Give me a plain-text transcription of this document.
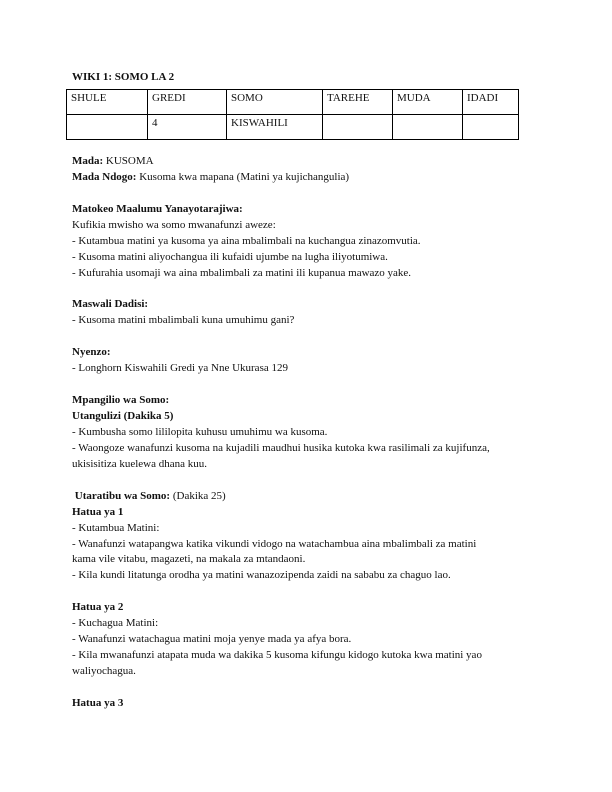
WIKI 1: SOMO LA 2
SHULE	GREDI	SOMO	TAREHE	MUDA	IDADI
	4	KISWAHILI			
Mada: KUSOMA
Mada Ndogo: Kusoma kwa mapana (Matini ya kujichangulia)
Matokeo Maalumu Yanayotarajiwa:
Kufikia mwisho wa somo mwanafunzi aweze:
- Kutambua matini ya kusoma ya aina mbalimbali na kuchangua zinazomvutia.
- Kusoma matini aliyochangua ili kufaidi ujumbe na lugha iliyotumiwa.
- Kufurahia usomaji wa aina mbalimbali za matini ili kupanua mawazo yake.
Maswali Dadisi:
- Kusoma matini mbalimbali kuna umuhimu gani?
Nyenzo:
- Longhorn Kiswahili Gredi ya Nne Ukurasa 129
Mpangilio wa Somo:
Utangulizi (Dakika 5)
- Kumbusha somo lililopita kuhusu umuhimu wa kusoma.
- Waongoze wanafunzi kusoma na kujadili maudhui husika kutoka kwa rasilimali za kujifunza,
ukisisitiza kuelewa dhana kuu.
Utaratibu wa Somo: (Dakika 25)
Hatua ya 1
- Kutambua Matini:
- Wanafunzi watapangwa katika vikundi vidogo na watachambua aina mbalimbali za matini
kama vile vitabu, magazeti, na makala za mtandaoni.
- Kila kundi litatunga orodha ya matini wanazozipenda zaidi na sababu za chaguo lao.
Hatua ya 2
- Kuchagua Matini:
- Wanafunzi watachagua matini moja yenye mada ya afya bora.
- Kila mwanafunzi atapata muda wa dakika 5 kusoma kifungu kidogo kutoka kwa matini yao
waliyochagua.
Hatua ya 3
